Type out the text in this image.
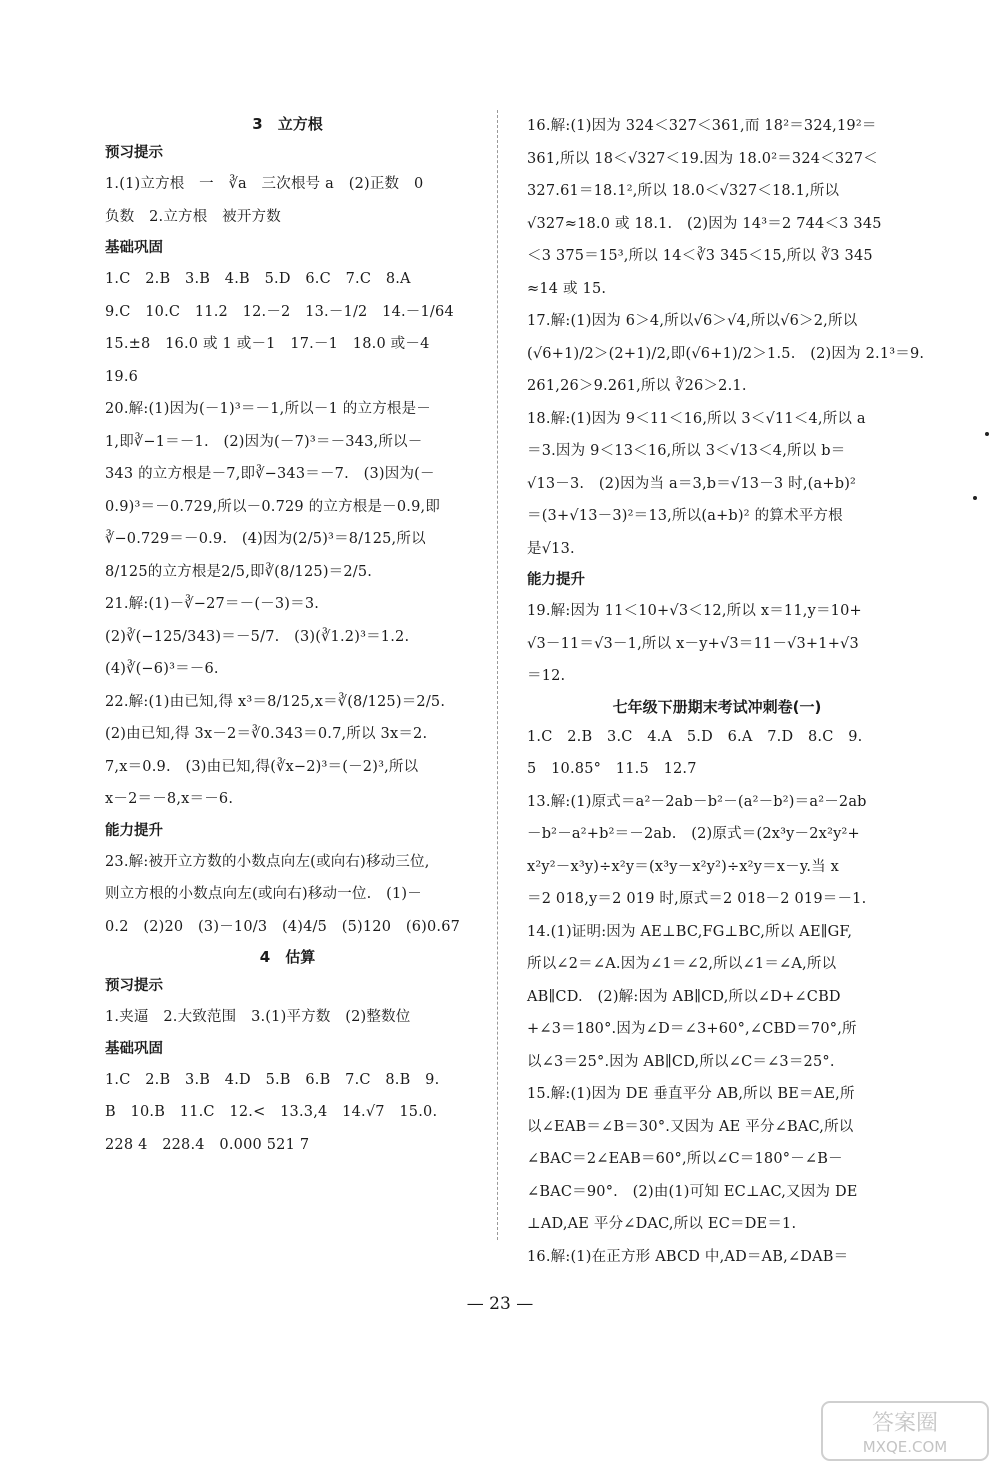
3　立方根
预习提示
1.(1)立方根　一　∛a　三次根号 a　(2)正数　0
负数　2.立方根　被开方数
基础巩固
1.C　2.B　3.B　4.B　5.D　6.C　7.C　8.A
9.C　10.C　11.2　12.－2　13.－1/2　14.－1/64
15.±8　16.0 或 1 或－1　17.－1　18.0 或－4
19.6
20.解:(1)因为(－1)³＝－1,所以－1 的立方根是－
1,即∛−1＝－1.　(2)因为(－7)³＝－343,所以－
343 的立方根是－7,即∛−343＝－7.　(3)因为(－
0.9)³＝－0.729,所以－0.729 的立方根是－0.9,即
∛−0.729＝－0.9.　(4)因为(2/5)³＝8/125,所以
8/125的立方根是2/5,即∛(8/125)＝2/5.
21.解:(1)－∛−27＝－(－3)＝3.
(2)∛(−125/343)＝－5/7.　(3)(∛1.2)³＝1.2.
(4)∛(−6)³＝－6.
22.解:(1)由已知,得 x³＝8/125,x＝∛(8/125)＝2/5.
(2)由已知,得 3x－2＝∛0.343＝0.7,所以 3x＝2.
7,x＝0.9.　(3)由已知,得(∛x−2)³＝(－2)³,所以
x－2＝－8,x＝－6.
能力提升
23.解:被开立方数的小数点向左(或向右)移动三位,
则立方根的小数点向左(或向右)移动一位.　(1)－
0.2　(2)20　(3)－10/3　(4)4/5　(5)120　(6)0.67
4　估算
预习提示
1.夹逼　2.大致范围　3.(1)平方数　(2)整数位
基础巩固
1.C　2.B　3.B　4.D　5.B　6.B　7.C　8.B　9.
B　10.B　11.C　12.<　13.3,4　14.√7　15.0.
228 4　228.4　0.000 521 7
16.解:(1)因为 324＜327＜361,而 18²＝324,19²＝
361,所以 18＜√327＜19.因为 18.0²＝324＜327＜
327.61＝18.1²,所以 18.0＜√327＜18.1,所以
√327≈18.0 或 18.1.　(2)因为 14³＝2 744＜3 345
＜3 375＝15³,所以 14＜∛3 345＜15,所以 ∛3 345
≈14 或 15.
17.解:(1)因为 6＞4,所以√6＞√4,所以√6＞2,所以
(√6+1)/2＞(2+1)/2,即(√6+1)/2＞1.5.　(2)因为 2.1³＝9.
261,26＞9.261,所以 ∛26＞2.1.
18.解:(1)因为 9＜11＜16,所以 3＜√11＜4,所以 a
＝3.因为 9＜13＜16,所以 3＜√13＜4,所以 b＝
√13－3.　(2)因为当 a＝3,b＝√13－3 时,(a+b)²
＝(3+√13－3)²＝13,所以(a+b)² 的算术平方根
是√13.
能力提升
19.解:因为 11＜10+√3＜12,所以 x＝11,y＝10+
√3－11＝√3－1,所以 x－y+√3＝11－√3+1+√3
＝12.
七年级下册期末考试冲刺卷(一)
1.C　2.B　3.C　4.A　5.D　6.A　7.D　8.C　9.
5　10.85°　11.5　12.7
13.解:(1)原式＝a²－2ab－b²－(a²－b²)＝a²－2ab
－b²－a²+b²＝－2ab.　(2)原式＝(2x³y－2x²y²+
x²y²－x³y)÷x²y＝(x³y－x²y²)÷x²y＝x－y.当 x
＝2 018,y＝2 019 时,原式＝2 018－2 019＝－1.
14.(1)证明:因为 AE⊥BC,FG⊥BC,所以 AE∥GF,
所以∠2＝∠A.因为∠1＝∠2,所以∠1＝∠A,所以
AB∥CD.　(2)解:因为 AB∥CD,所以∠D+∠CBD
+∠3＝180°.因为∠D＝∠3+60°,∠CBD＝70°,所
以∠3＝25°.因为 AB∥CD,所以∠C＝∠3＝25°.
15.解:(1)因为 DE 垂直平分 AB,所以 BE＝AE,所
以∠EAB＝∠B＝30°.又因为 AE 平分∠BAC,所以
∠BAC＝2∠EAB＝60°,所以∠C＝180°－∠B－
∠BAC＝90°.　(2)由(1)可知 EC⊥AC,又因为 DE
⊥AD,AE 平分∠DAC,所以 EC＝DE＝1.
16.解:(1)在正方形 ABCD 中,AD＝AB,∠DAB＝
— 23 —
答案圈
MXQE.COM
